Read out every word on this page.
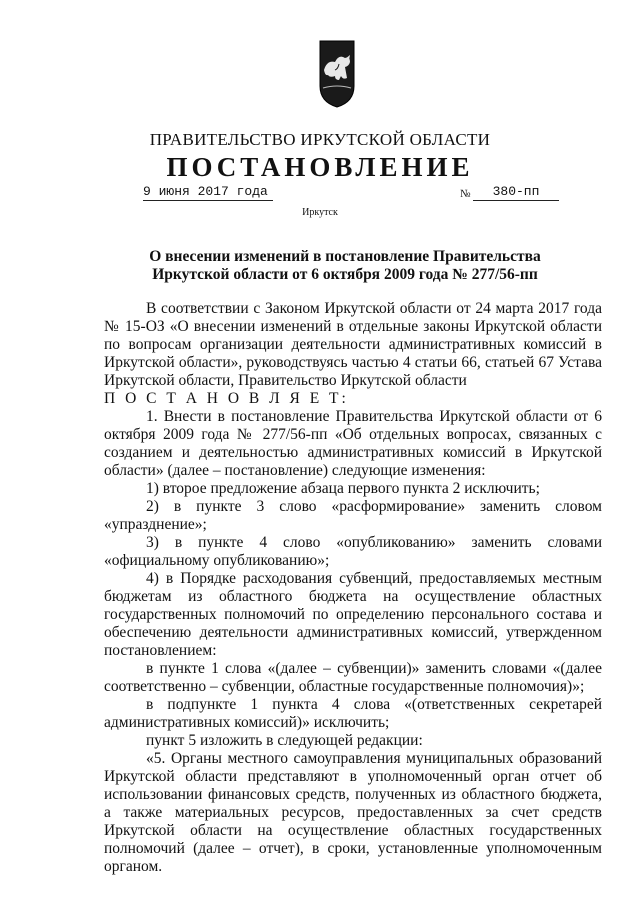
ПРАВИТЕЛЬСТВО ИРКУТСКОЙ ОБЛАСТИ
ПОСТАНОВЛЕНИЕ
9 июня 2017 года	№	380-пп
Иркутск
О внесении изменений в постановление Правительства Иркутской области от 6 октября 2009 года № 277/56-пп

В соответствии с Законом Иркутской области от 24 марта 2017 года № 15-ОЗ «О внесении изменений в отдельные законы Иркутской области по вопросам организации деятельности административных комиссий в Иркутской области», руководствуясь частью 4 статьи 66, статьей 67 Устава Иркутской области, Правительство Иркутской области

П О С Т А Н О В Л Я Е Т:

1. Внести в постановление Правительства Иркутской области от 6 октября 2009 года № 277/56-пп «Об отдельных вопросах, связанных с созданием и деятельностью административных комиссий в Иркутской области» (далее – постановление) следующие изменения:

1) второе предложение абзаца первого пункта 2 исключить;

2) в пункте 3 слово «расформирование» заменить словом «упразднение»;

3) в пункте 4 слово «опубликованию» заменить словами «официальному опубликованию»;

4) в Порядке расходования субвенций, предоставляемых местным бюджетам из областного бюджета на осуществление областных государственных полномочий по определению персонального состава и обеспечению деятельности административных комиссий, утвержденном постановлением:

в пункте 1 слова «(далее – субвенции)» заменить словами «(далее соответственно – субвенции, областные государственные полномочия)»;

в подпункте 1 пункта 4 слова «(ответственных секретарей административных комиссий)» исключить;

пункт 5 изложить в следующей редакции:

«5. Органы местного самоуправления муниципальных образований Иркутской области представляют в уполномоченный орган отчет об использовании финансовых средств, полученных из областного бюджета, а также материальных ресурсов, предоставленных за счет средств Иркутской области на осуществление областных государственных полномочий (далее – отчет), в сроки, установленные уполномоченным органом.
